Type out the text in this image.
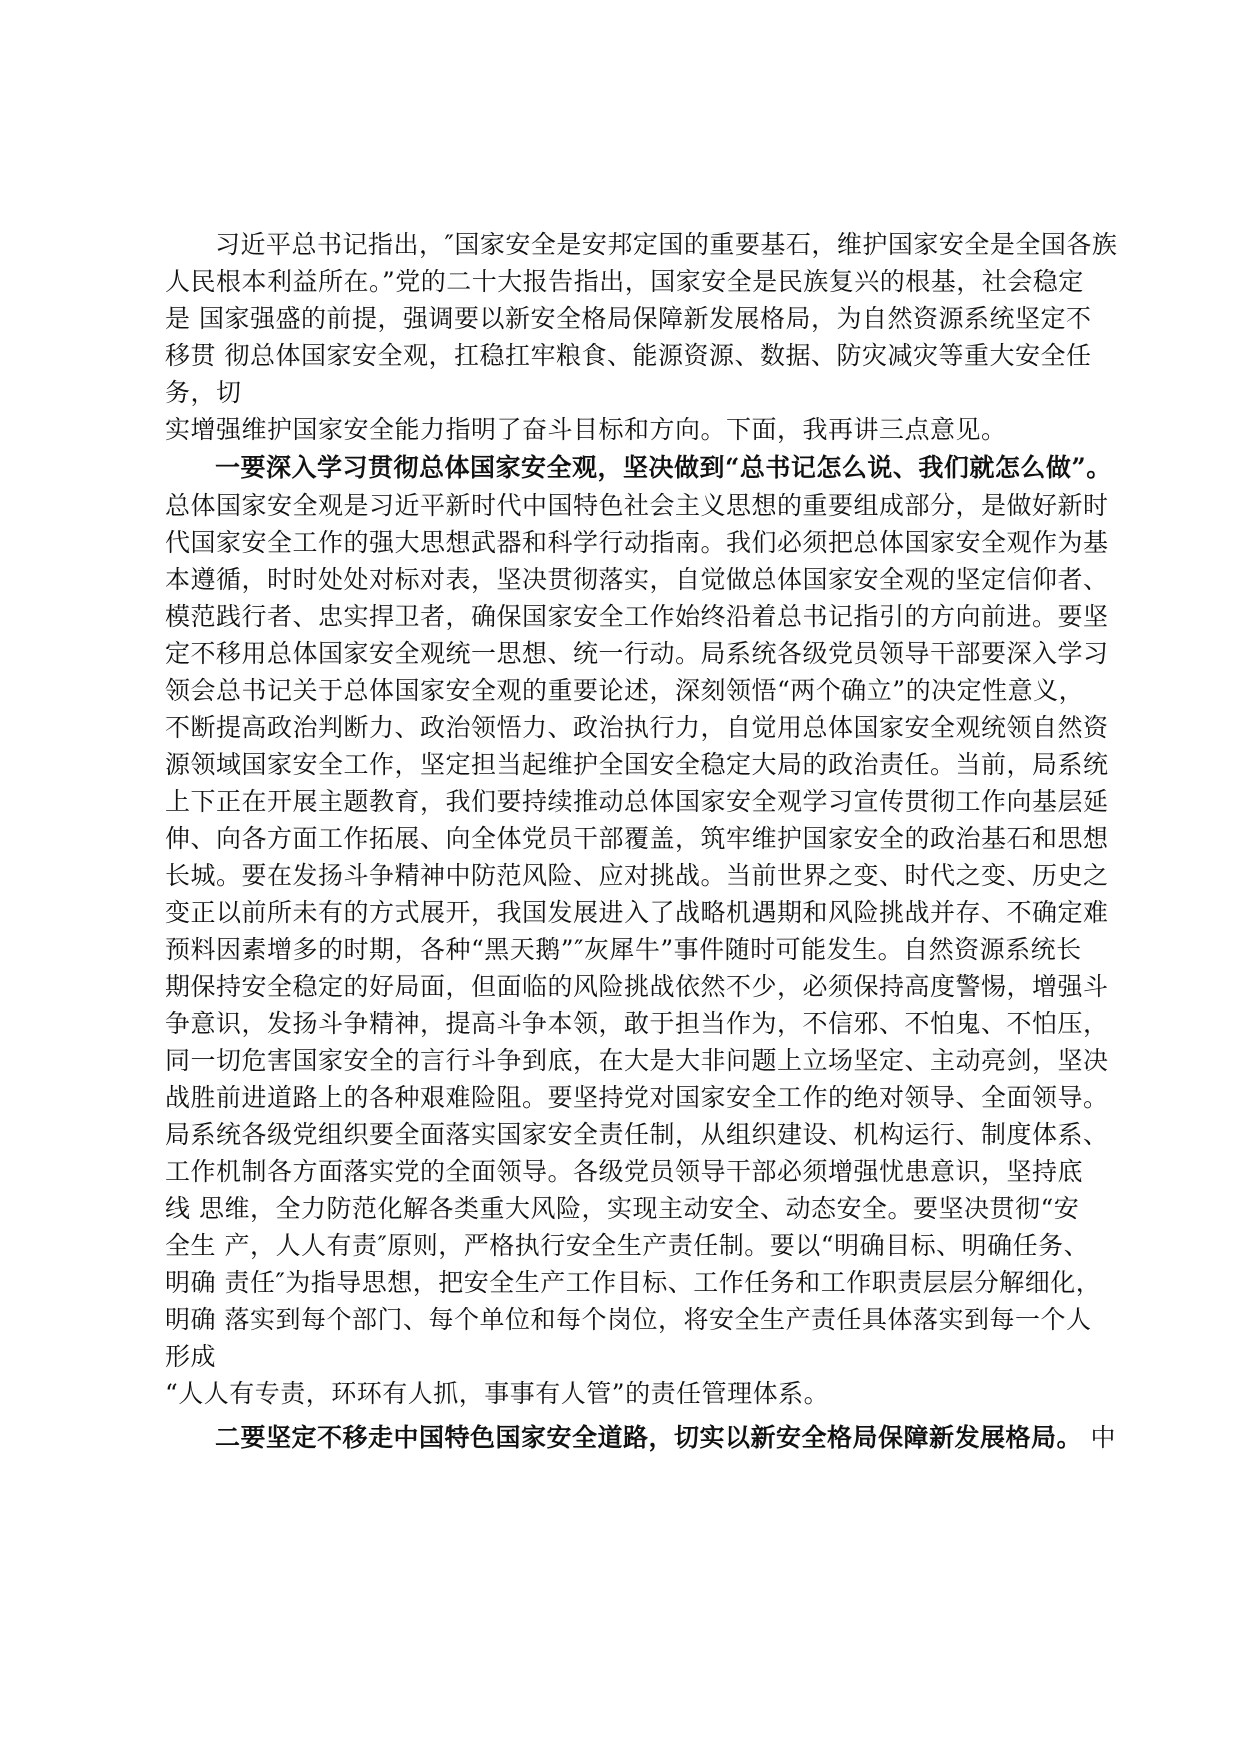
习近平总书记指出，″国家安全是安邦定国的重要基石，维护国家安全是全国各族
人民根本利益所在。”党的二十大报告指出，国家安全是民族复兴的根基，社会稳定
是 国家强盛的前提，强调要以新安全格局保障新发展格局，为自然资源系统坚定不
移贯 彻总体国家安全观，扛稳扛牢粮食、能源资源、数据、防灾减灾等重大安全任
务，切
实增强维护国家安全能力指明了奋斗目标和方向。下面，我再讲三点意见。
一要深入学习贯彻总体国家安全观，坚决做到“总书记怎么说、我们就怎么做”。
总体国家安全观是习近平新时代中国特色社会主义思想的重要组成部分，是做好新时
代国家安全工作的强大思想武器和科学行动指南。我们必须把总体国家安全观作为基
本遵循，时时处处对标对表，坚决贯彻落实，自觉做总体国家安全观的坚定信仰者、
模范践行者、忠实捍卫者，确保国家安全工作始终沿着总书记指引的方向前进。要坚
定不移用总体国家安全观统一思想、统一行动。局系统各级党员领导干部要深入学习
领会总书记关于总体国家安全观的重要论述，深刻领悟“两个确立”的决定性意义，
不断提高政治判断力、政治领悟力、政治执行力，自觉用总体国家安全观统领自然资
源领域国家安全工作，坚定担当起维护全国安全稳定大局的政治责任。当前，局系统
上下正在开展主题教育，我们要持续推动总体国家安全观学习宣传贯彻工作向基层延
伸、向各方面工作拓展、向全体党员干部覆盖，筑牢维护国家安全的政治基石和思想
长城。要在发扬斗争精神中防范风险、应对挑战。当前世界之变、时代之变、历史之
变正以前所未有的方式展开，我国发展进入了战略机遇期和风险挑战并存、不确定难
预料因素增多的时期，各种“黑天鹅”″灰犀牛”事件随时可能发生。自然资源系统长
期保持安全稳定的好局面，但面临的风险挑战依然不少，必须保持高度警惕，增强斗
争意识，发扬斗争精神，提高斗争本领，敢于担当作为，不信邪、不怕鬼、不怕压，
同一切危害国家安全的言行斗争到底，在大是大非问题上立场坚定、主动亮剑，坚决
战胜前进道路上的各种艰难险阻。要坚持党对国家安全工作的绝对领导、全面领导。
局系统各级党组织要全面落实国家安全责任制，从组织建设、机构运行、制度体系、
工作机制各方面落实党的全面领导。各级党员领导干部必须增强忧患意识，坚持底
线 思维，全力防范化解各类重大风险，实现主动安全、动态安全。要坚决贯彻“安
全生 产，人人有责″原则，严格执行安全生产责任制。要以“明确目标、明确任务、
明确 责任″为指导思想，把安全生产工作目标、工作任务和工作职责层层分解细化，
明确 落实到每个部门、每个单位和每个岗位，将安全生产责任具体落实到每一个人
形成
“人人有专责，环环有人抓，事事有人管”的责任管理体系。
二要坚定不移走中国特色国家安全道路，切实以新安全格局保障新发展格局。 中
